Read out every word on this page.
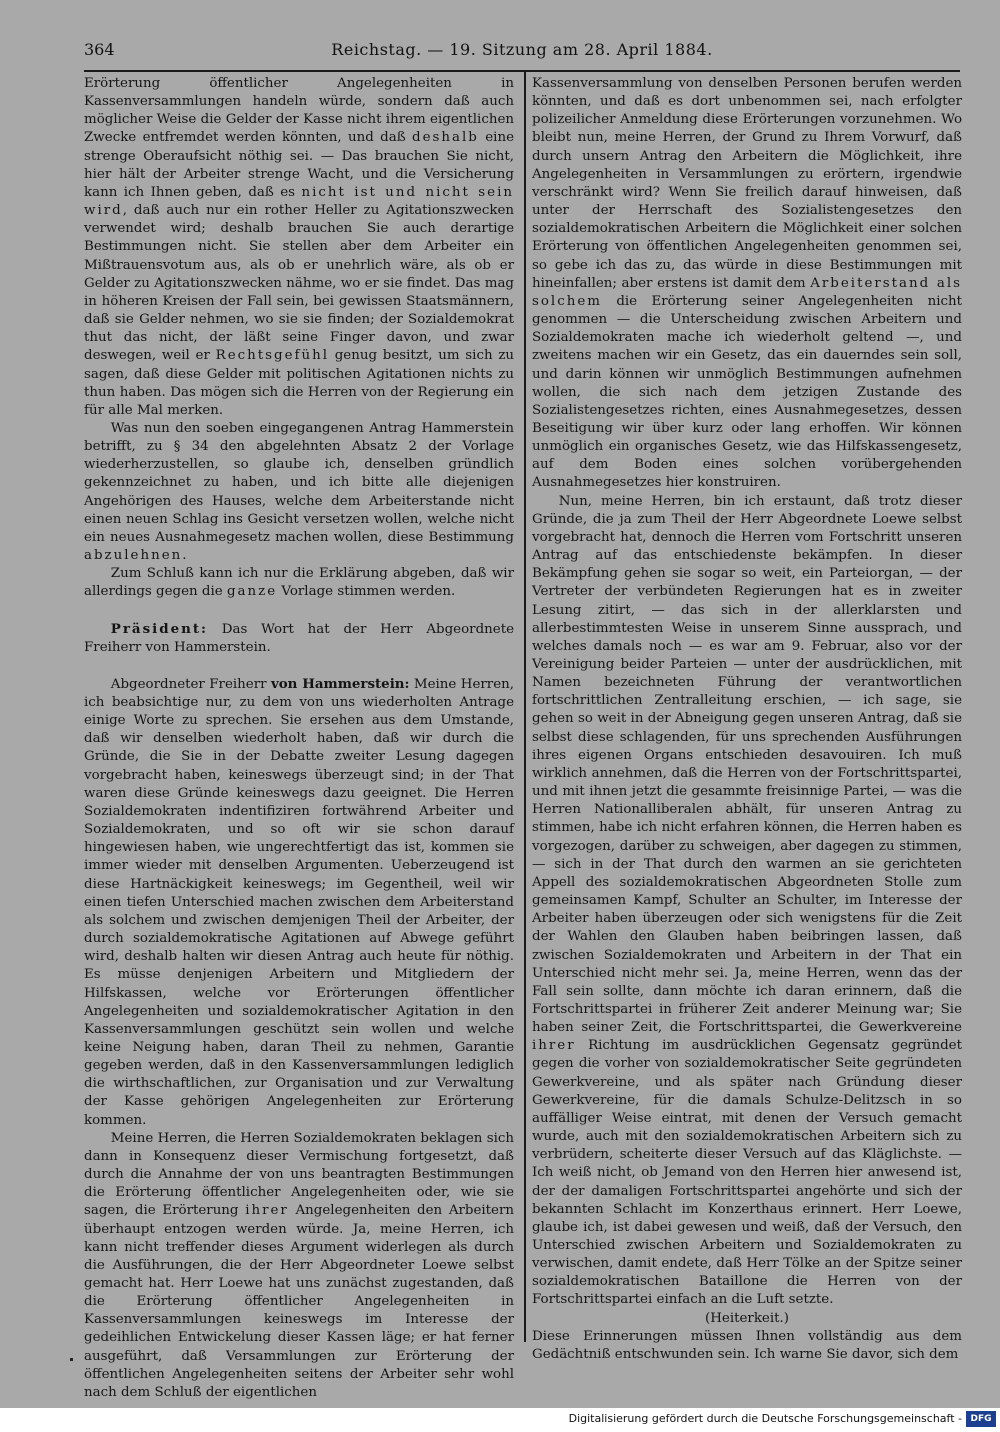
364	Reichstag. — 19. Sitzung am 28. April 1884.

Erörterung öffentlicher Angelegenheiten in Kassenversammlungen handeln würde, sondern daß auch möglicher Weise die Gelder der Kasse nicht ihrem eigentlichen Zwecke entfremdet werden könnten, und daß deshalb eine strenge Oberaufsicht nöthig sei. — Das brauchen Sie nicht, hier hält der Arbeiter strenge Wacht, und die Versicherung kann ich Ihnen geben, daß es nicht ist und nicht sein wird, daß auch nur ein rother Heller zu Agitationszwecken verwendet wird; deshalb brauchen Sie auch derartige Bestimmungen nicht. Sie stellen aber dem Arbeiter ein Mißtrauensvotum aus, als ob er unehrlich wäre, als ob er Gelder zu Agitationszwecken nähme, wo er sie findet. Das mag in höheren Kreisen der Fall sein, bei gewissen Staatsmännern, daß sie Gelder nehmen, wo sie sie finden; der Sozialdemokrat thut das nicht, der läßt seine Finger davon, und zwar deswegen, weil er Rechtsgefühl genug besitzt, um sich zu sagen, daß diese Gelder mit politischen Agitationen nichts zu thun haben. Das mögen sich die Herren von der Regierung ein für alle Mal merken.

Was nun den soeben eingegangenen Antrag Hammerstein betrifft, zu § 34 den abgelehnten Absatz 2 der Vorlage wiederherzustellen, so glaube ich, denselben gründlich gekennzeichnet zu haben, und ich bitte alle diejenigen Angehörigen des Hauses, welche dem Arbeiterstande nicht einen neuen Schlag ins Gesicht versetzen wollen, welche nicht ein neues Ausnahmegesetz machen wollen, diese Bestimmung abzulehnen.

Zum Schluß kann ich nur die Erklärung abgeben, daß wir allerdings gegen die ganze Vorlage stimmen werden.

Präsident: Das Wort hat der Herr Abgeordnete Freiherr von Hammerstein.

Abgeordneter Freiherr von Hammerstein: Meine Herren, ich beabsichtige nur, zu dem von uns wiederholten Antrage einige Worte zu sprechen. Sie ersehen aus dem Umstande, daß wir denselben wiederholt haben, daß wir durch die Gründe, die Sie in der Debatte zweiter Lesung dagegen vorgebracht haben, keineswegs überzeugt sind; in der That waren diese Gründe keineswegs dazu geeignet. Die Herren Sozialdemokraten indentifiziren fortwährend Arbeiter und Sozialdemokraten, und so oft wir sie schon darauf hingewiesen haben, wie ungerechtfertigt das ist, kommen sie immer wieder mit denselben Argumenten. Ueberzeugend ist diese Hartnäckigkeit keineswegs; im Gegentheil, weil wir einen tiefen Unterschied machen zwischen dem Arbeiterstand als solchem und zwischen demjenigen Theil der Arbeiter, der durch sozialdemokratische Agitationen auf Abwege geführt wird, deshalb halten wir diesen Antrag auch heute für nöthig. Es müsse denjenigen Arbeitern und Mitgliedern der Hilfskassen, welche vor Erörterungen öffentlicher Angelegenheiten und sozialdemokratischer Agitation in den Kassenversammlungen geschützt sein wollen und welche keine Neigung haben, daran Theil zu nehmen, Garantie gegeben werden, daß in den Kassenversammlungen lediglich die wirthschaftlichen, zur Organisation und zur Verwaltung der Kasse gehörigen Angelegenheiten zur Erörterung kommen.

Meine Herren, die Herren Sozialdemokraten beklagen sich dann in Konsequenz dieser Vermischung fortgesetzt, daß durch die Annahme der von uns beantragten Bestimmungen die Erörterung öffentlicher Angelegenheiten oder, wie sie sagen, die Erörterung ihrer Angelegenheiten den Arbeitern überhaupt entzogen werden würde. Ja, meine Herren, ich kann nicht treffender dieses Argument widerlegen als durch die Ausführungen, die der Herr Abgeordneter Loewe selbst gemacht hat. Herr Loewe hat uns zunächst zugestanden, daß die Erörterung öffentlicher Angelegenheiten in Kassenversammlungen keineswegs im Interesse der gedeihlichen Entwickelung dieser Kassen läge; er hat ferner ausgeführt, daß Versammlungen zur Erörterung der öffentlichen Angelegenheiten seitens der Arbeiter sehr wohl nach dem Schluß der eigentlichen

Kassenversammlung von denselben Personen berufen werden könnten, und daß es dort unbenommen sei, nach erfolgter polizeilicher Anmeldung diese Erörterungen vorzunehmen. Wo bleibt nun, meine Herren, der Grund zu Ihrem Vorwurf, daß durch unsern Antrag den Arbeitern die Möglichkeit, ihre Angelegenheiten in Versammlungen zu erörtern, irgendwie verschränkt wird? Wenn Sie freilich darauf hinweisen, daß unter der Herrschaft des Sozialistengesetzes den sozialdemokratischen Arbeitern die Möglichkeit einer solchen Erörterung von öffentlichen Angelegenheiten genommen sei, so gebe ich das zu, das würde in diese Bestimmungen mit hineinfallen; aber erstens ist damit dem Arbeiterstand als solchem die Erörterung seiner Angelegenheiten nicht genommen — die Unterscheidung zwischen Arbeitern und Sozialdemokraten mache ich wiederholt geltend —, und zweitens machen wir ein Gesetz, das ein dauerndes sein soll, und darin können wir unmöglich Bestimmungen aufnehmen wollen, die sich nach dem jetzigen Zustande des Sozialistengesetzes richten, eines Ausnahmegesetzes, dessen Beseitigung wir über kurz oder lang erhoffen. Wir können unmöglich ein organisches Gesetz, wie das Hilfskassengesetz, auf dem Boden eines solchen vorübergehenden Ausnahmegesetzes hier konstruiren.

Nun, meine Herren, bin ich erstaunt, daß trotz dieser Gründe, die ja zum Theil der Herr Abgeordnete Loewe selbst vorgebracht hat, dennoch die Herren vom Fortschritt unseren Antrag auf das entschiedenste bekämpfen. In dieser Bekämpfung gehen sie sogar so weit, ein Parteiorgan, — der Vertreter der verbündeten Regierungen hat es in zweiter Lesung zitirt, — das sich in der allerklarsten und allerbestimmtesten Weise in unserem Sinne aussprach, und welches damals noch — es war am 9. Februar, also vor der Vereinigung beider Parteien — unter der ausdrücklichen, mit Namen bezeichneten Führung der verantwortlichen fortschrittlichen Zentralleitung erschien, — ich sage, sie gehen so weit in der Abneigung gegen unseren Antrag, daß sie selbst diese schlagenden, für uns sprechenden Ausführungen ihres eigenen Organs entschieden desavouiren. Ich muß wirklich annehmen, daß die Herren von der Fortschrittspartei, und mit ihnen jetzt die gesammte freisinnige Partei, — was die Herren Nationalliberalen abhält, für unseren Antrag zu stimmen, habe ich nicht erfahren können, die Herren haben es vorgezogen, darüber zu schweigen, aber dagegen zu stimmen, — sich in der That durch den warmen an sie gerichteten Appell des sozialdemokratischen Abgeordneten Stolle zum gemeinsamen Kampf, Schulter an Schulter, im Interesse der Arbeiter haben überzeugen oder sich wenigstens für die Zeit der Wahlen den Glauben haben beibringen lassen, daß zwischen Sozialdemokraten und Arbeitern in der That ein Unterschied nicht mehr sei. Ja, meine Herren, wenn das der Fall sein sollte, dann möchte ich daran erinnern, daß die Fortschrittspartei in früherer Zeit anderer Meinung war; Sie haben seiner Zeit, die Fortschrittspartei, die Gewerkvereine ihrer Richtung im ausdrücklichen Gegensatz gegründet gegen die vorher von sozialdemokratischer Seite gegründeten Gewerkvereine, und als später nach Gründung dieser Gewerkvereine, für die damals Schulze-Delitzsch in so auffälliger Weise eintrat, mit denen der Versuch gemacht wurde, auch mit den sozialdemokratischen Arbeitern sich zu verbrüdern, scheiterte dieser Versuch auf das Kläglichste. — Ich weiß nicht, ob Jemand von den Herren hier anwesend ist, der der damaligen Fortschrittspartei angehörte und sich der bekannten Schlacht im Konzerthaus erinnert. Herr Loewe, glaube ich, ist dabei gewesen und weiß, daß der Versuch, den Unterschied zwischen Arbeitern und Sozialdemokraten zu verwischen, damit endete, daß Herr Tölke an der Spitze seiner sozialdemokratischen Bataillone die Herren von der Fortschrittspartei einfach an die Luft setzte.

(Heiterkeit.)

Diese Erinnerungen müssen Ihnen vollständig aus dem Gedächtniß entschwunden sein. Ich warne Sie davor, sich dem

Digitalisierung gefördert durch die Deutsche Forschungsgemeinschaft - DFG
